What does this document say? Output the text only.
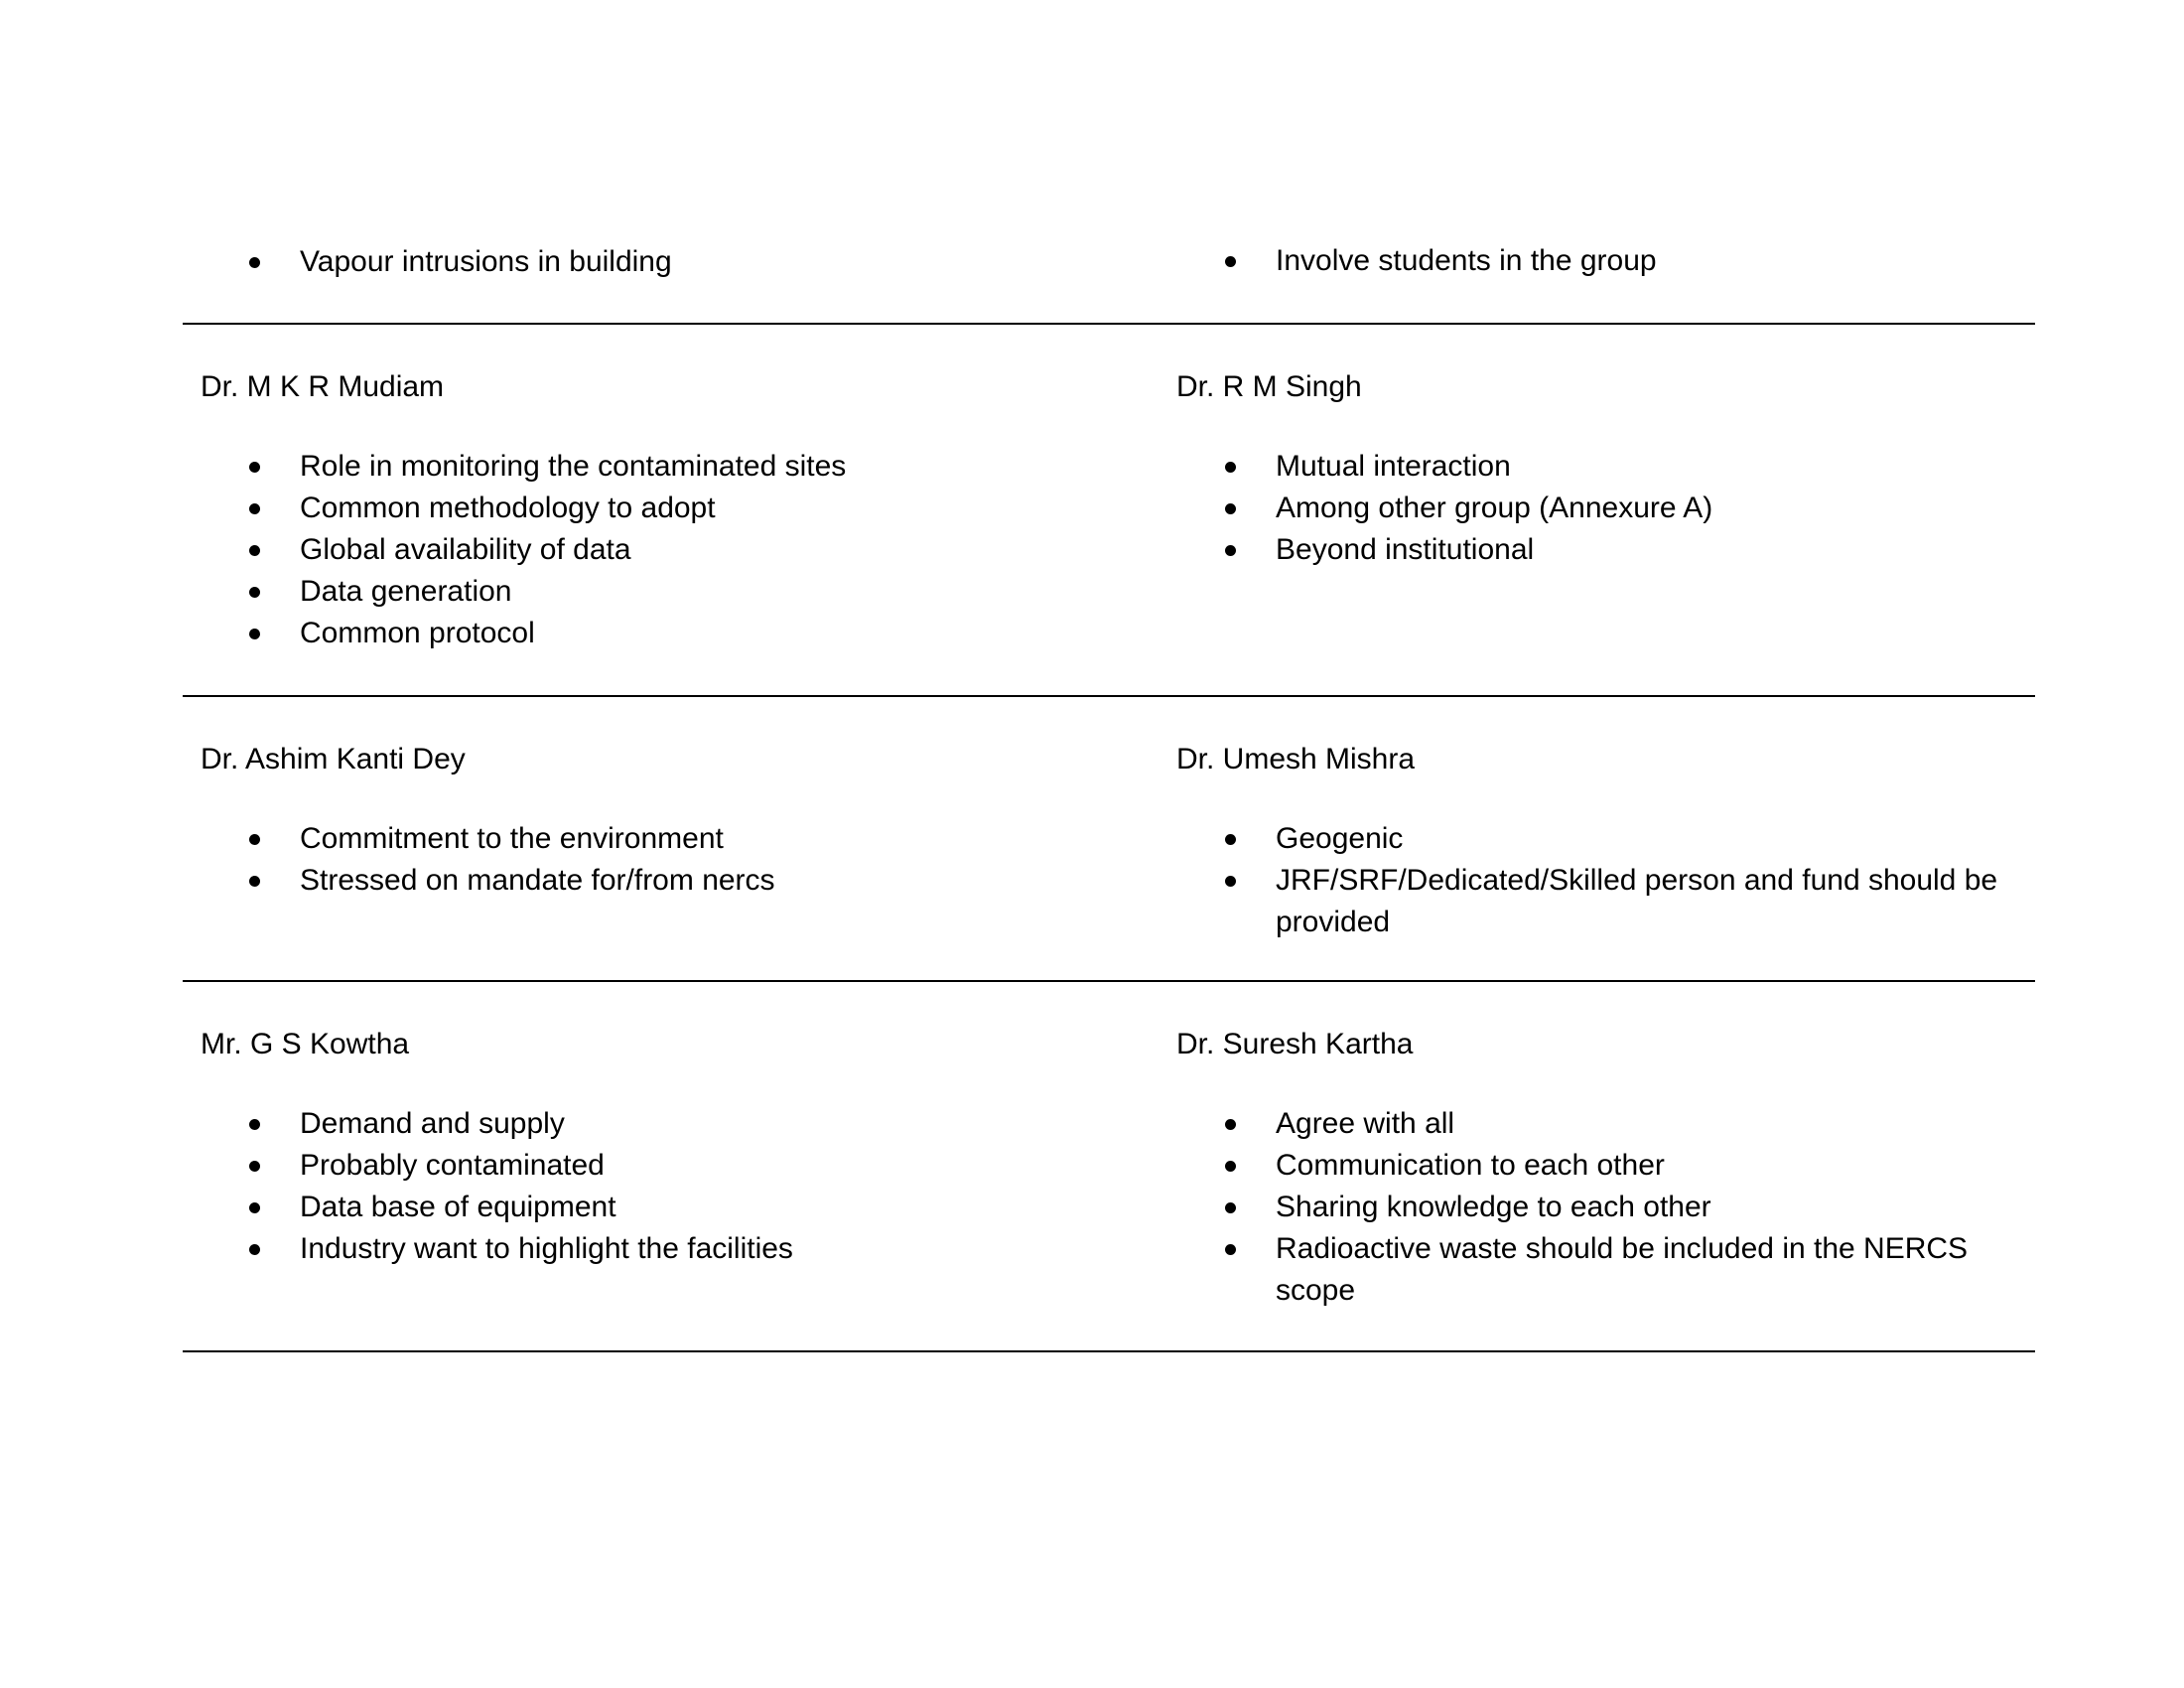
Vapour intrusions in building	Involve students in the group
Dr. M K R Mudiam
Role in monitoring the contaminated sites
Common methodology to adopt
Global availability of data
Data generation
Common protocol
Dr. R M Singh
Mutual interaction
Among other group (Annexure A)
Beyond institutional
Dr. Ashim Kanti Dey
Commitment to the environment
Stressed on mandate for/from nercs
Dr. Umesh Mishra
Geogenic
JRF/SRF/Dedicated/Skilled person and fund should be provided
Mr. G S Kowtha
Demand and supply
Probably contaminated
Data base of equipment
Industry want to highlight the facilities
Dr. Suresh Kartha
Agree with all
Communication to each other
Sharing knowledge to each other
Radioactive waste should be included in the NERCS scope
